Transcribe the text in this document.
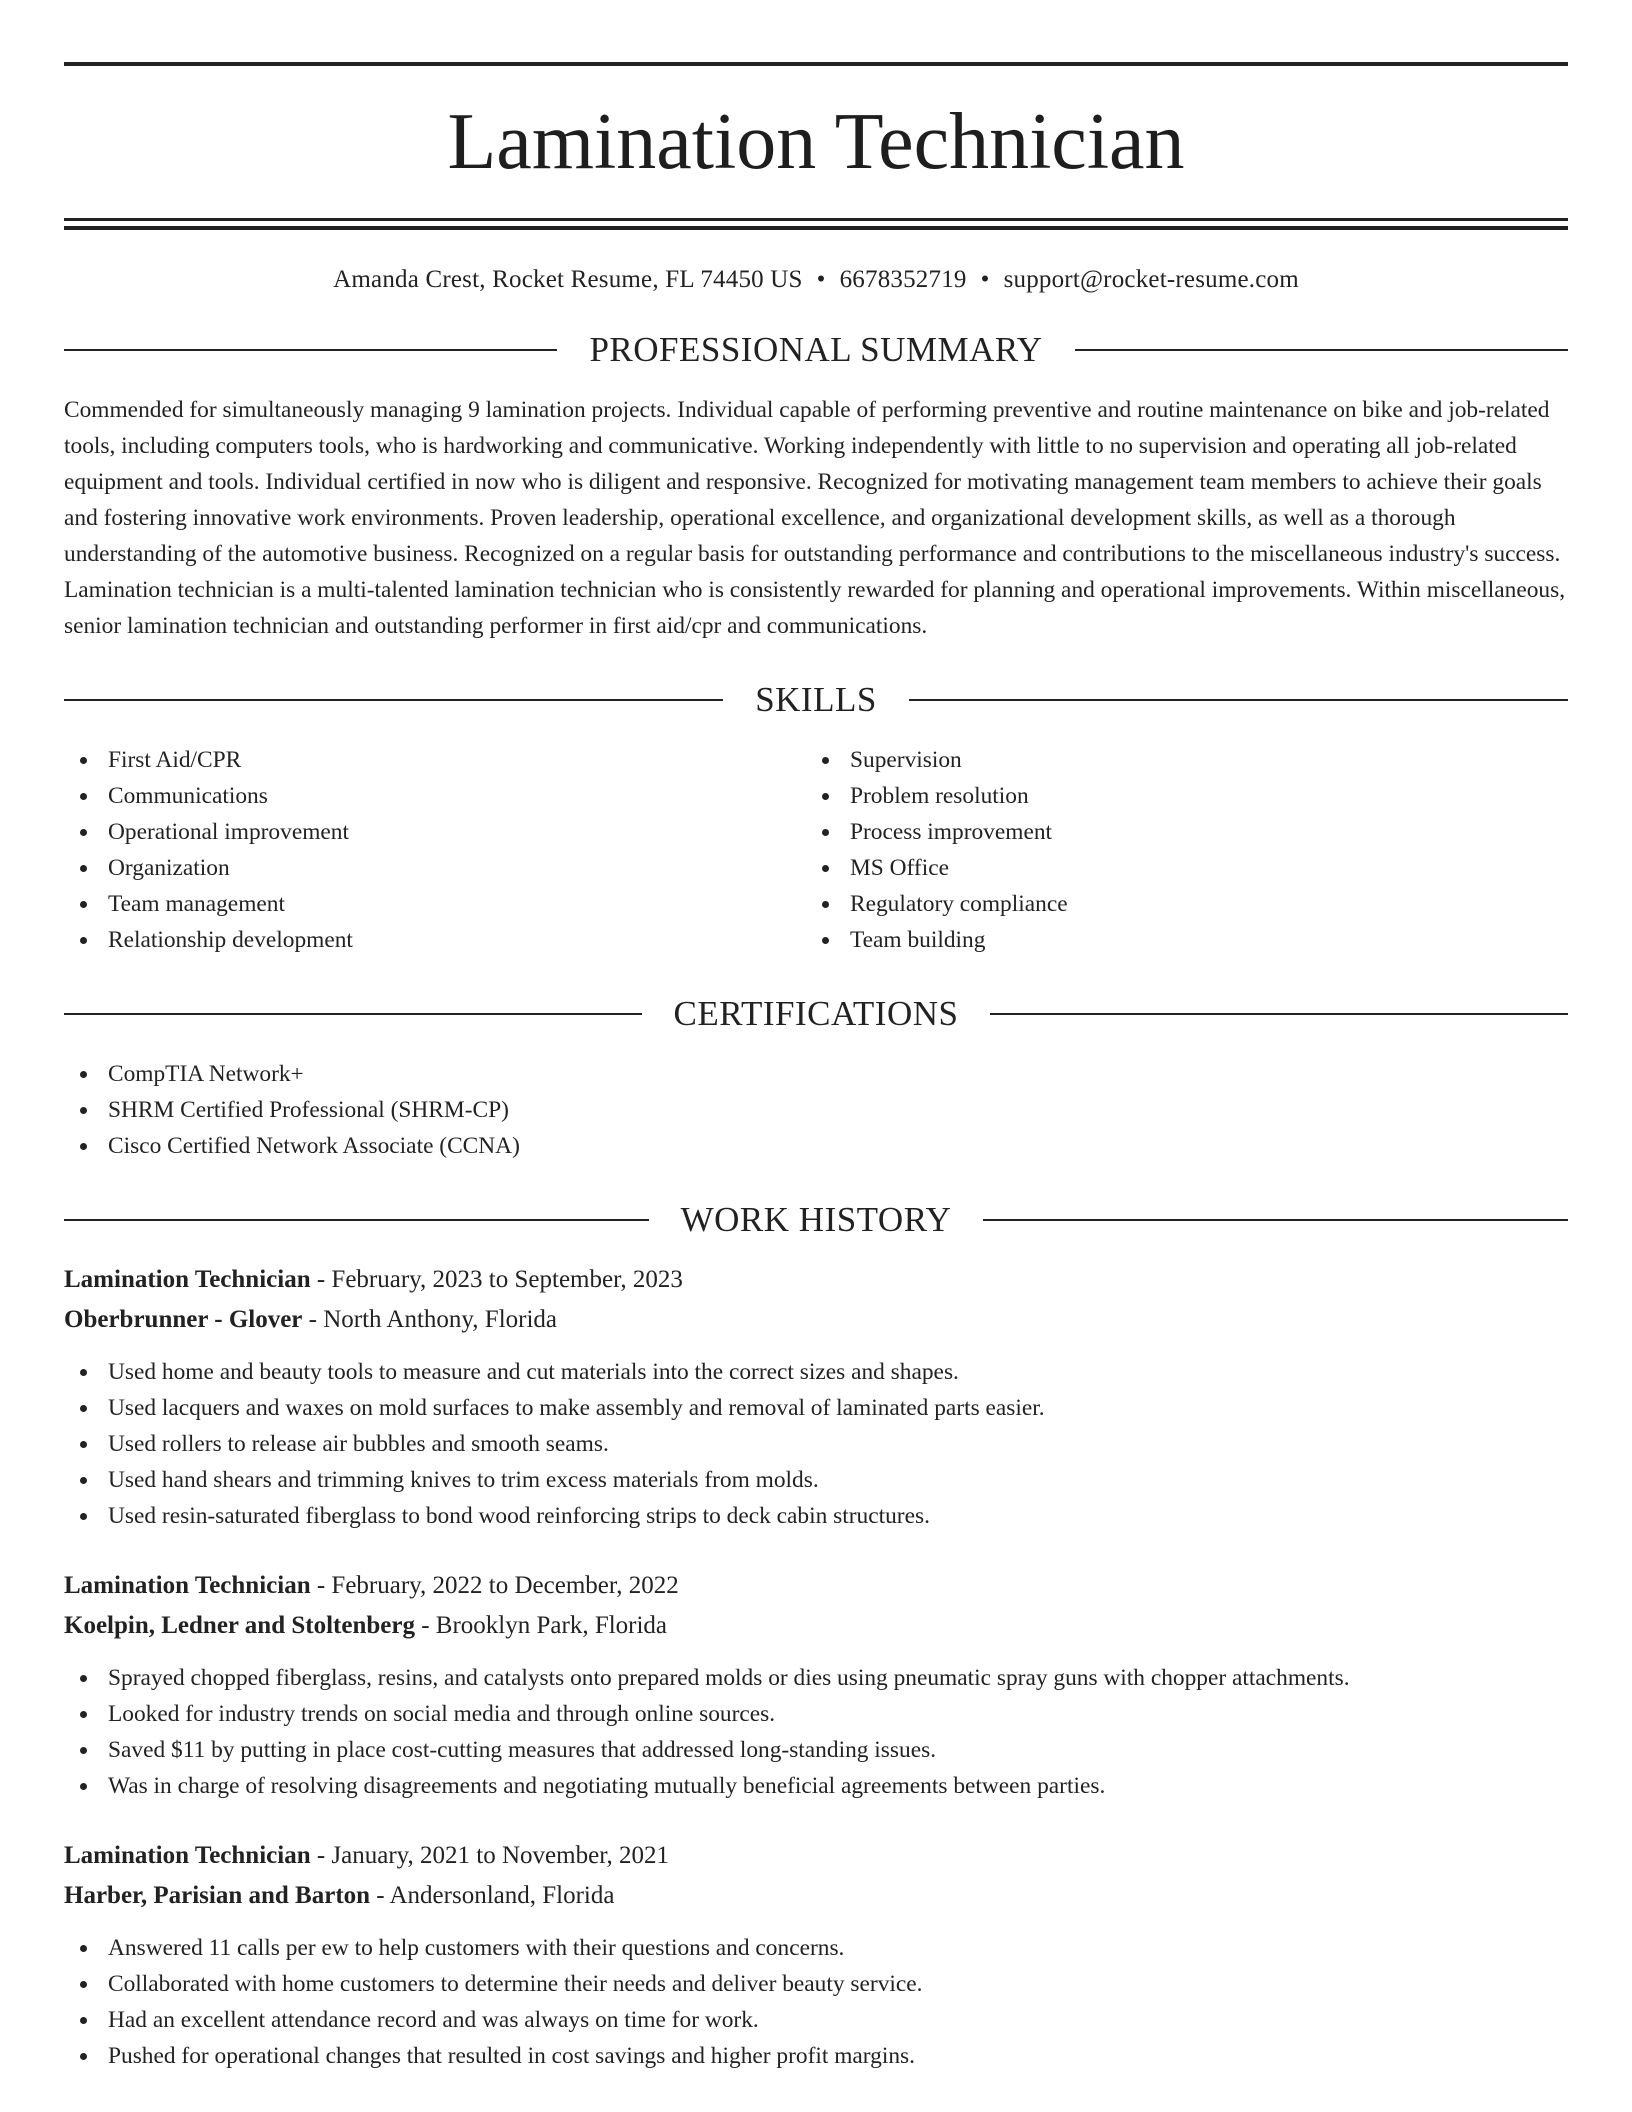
Lamination Technician
Amanda Crest, Rocket Resume, FL 74450 US • 6678352719 • support@rocket-resume.com
PROFESSIONAL SUMMARY
Commended for simultaneously managing 9 lamination projects. Individual capable of performing preventive and routine maintenance on bike and job-related tools, including computers tools, who is hardworking and communicative. Working independently with little to no supervision and operating all job-related equipment and tools. Individual certified in now who is diligent and responsive. Recognized for motivating management team members to achieve their goals and fostering innovative work environments. Proven leadership, operational excellence, and organizational development skills, as well as a thorough understanding of the automotive business. Recognized on a regular basis for outstanding performance and contributions to the miscellaneous industry's success. Lamination technician is a multi-talented lamination technician who is consistently rewarded for planning and operational improvements. Within miscellaneous, senior lamination technician and outstanding performer in first aid/cpr and communications.
SKILLS
First Aid/CPR
Communications
Operational improvement
Organization
Team management
Relationship development
Supervision
Problem resolution
Process improvement
MS Office
Regulatory compliance
Team building
CERTIFICATIONS
CompTIA Network+
SHRM Certified Professional (SHRM-CP)
Cisco Certified Network Associate (CCNA)
WORK HISTORY
Lamination Technician - February, 2023 to September, 2023
Oberbrunner - Glover - North Anthony, Florida
Used home and beauty tools to measure and cut materials into the correct sizes and shapes.
Used lacquers and waxes on mold surfaces to make assembly and removal of laminated parts easier.
Used rollers to release air bubbles and smooth seams.
Used hand shears and trimming knives to trim excess materials from molds.
Used resin-saturated fiberglass to bond wood reinforcing strips to deck cabin structures.
Lamination Technician - February, 2022 to December, 2022
Koelpin, Ledner and Stoltenberg - Brooklyn Park, Florida
Sprayed chopped fiberglass, resins, and catalysts onto prepared molds or dies using pneumatic spray guns with chopper attachments.
Looked for industry trends on social media and through online sources.
Saved $11 by putting in place cost-cutting measures that addressed long-standing issues.
Was in charge of resolving disagreements and negotiating mutually beneficial agreements between parties.
Lamination Technician - January, 2021 to November, 2021
Harber, Parisian and Barton - Andersonland, Florida
Answered 11 calls per ew to help customers with their questions and concerns.
Collaborated with home customers to determine their needs and deliver beauty service.
Had an excellent attendance record and was always on time for work.
Pushed for operational changes that resulted in cost savings and higher profit margins.
